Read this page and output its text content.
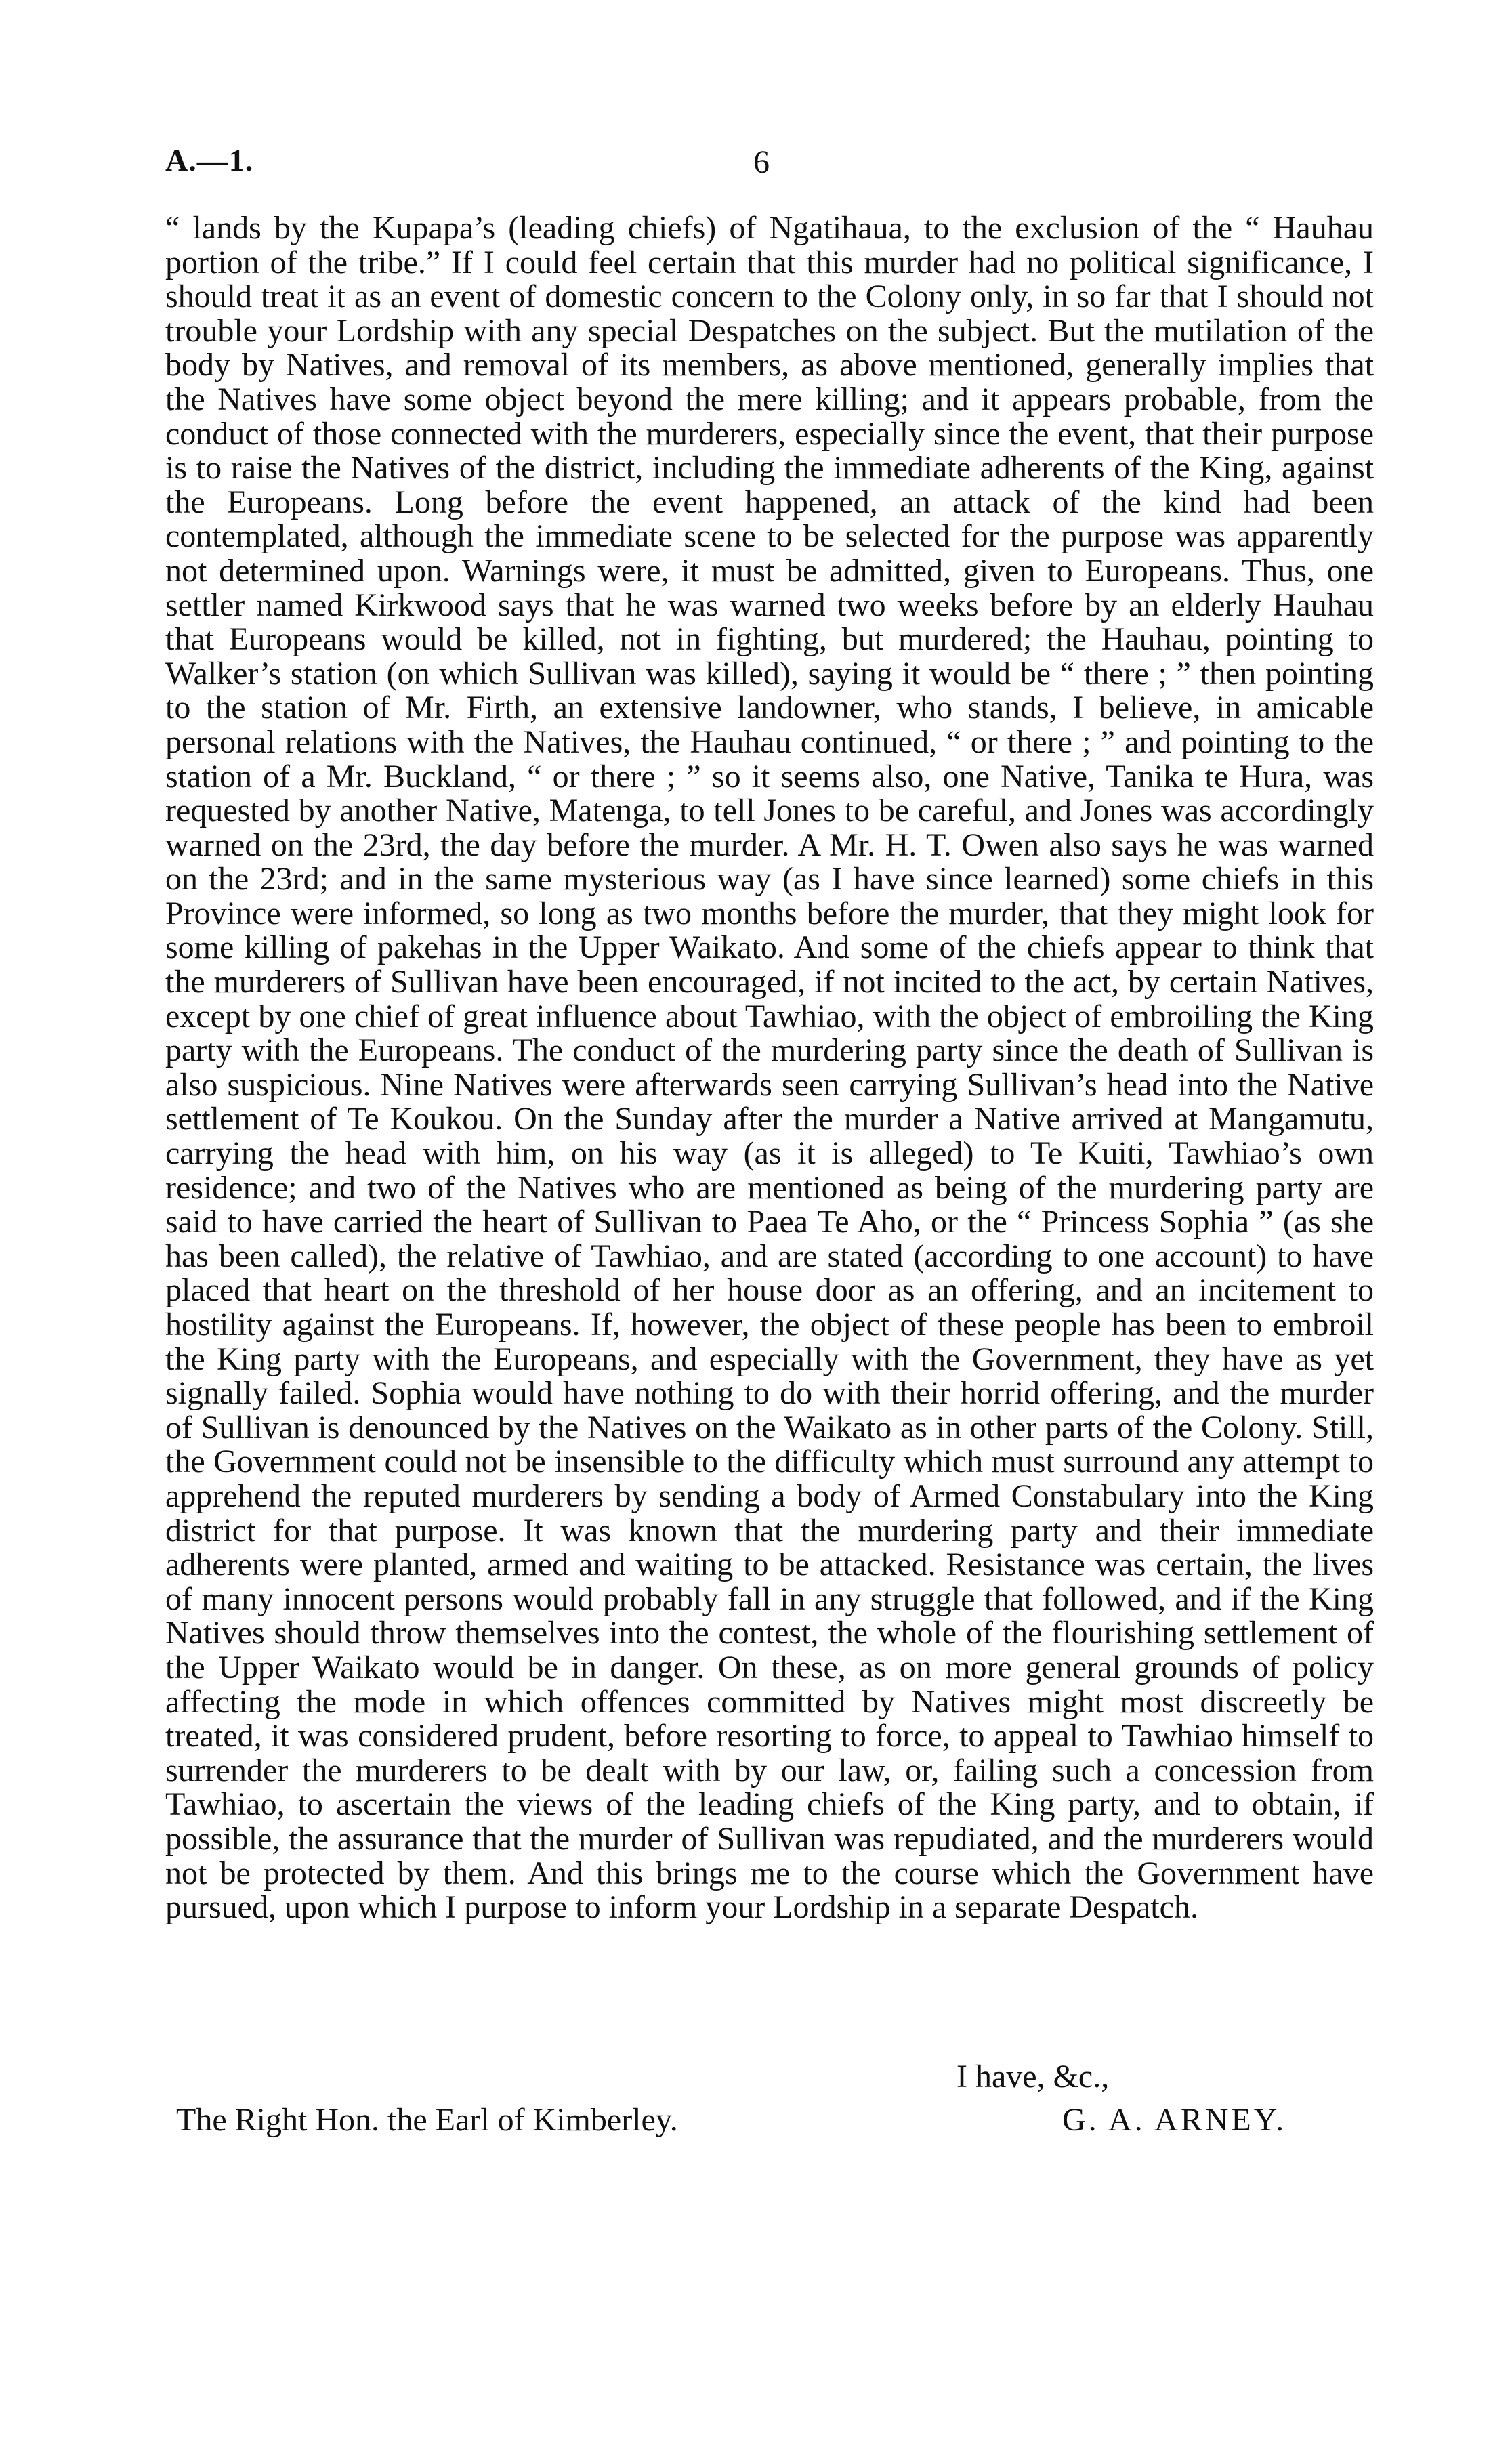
A.—1.	6

“ lands by the Kupapa’s (leading chiefs) of Ngatihaua, to the exclusion of the “ Hauhau portion of the tribe.” If I could feel certain that this murder had no political significance, I should treat it as an event of domestic concern to the Colony only, in so far that I should not trouble your Lordship with any special Despatches on the subject. But the mutilation of the body by Natives, and removal of its members, as above mentioned, generally implies that the Natives have some object beyond the mere killing; and it appears probable, from the conduct of those connected with the murderers, especially since the event, that their purpose is to raise the Natives of the district, including the immediate adherents of the King, against the Europeans. Long before the event happened, an attack of the kind had been contemplated, although the immediate scene to be selected for the purpose was apparently not determined upon. Warnings were, it must be admitted, given to Europeans. Thus, one settler named Kirkwood says that he was warned two weeks before by an elderly Hauhau that Europeans would be killed, not in fighting, but murdered; the Hauhau, pointing to Walker’s station (on which Sullivan was killed), saying it would be “ there ; ” then pointing to the station of Mr. Firth, an extensive landowner, who stands, I believe, in amicable personal relations with the Natives, the Hauhau continued, “ or there ; ” and pointing to the station of a Mr. Buckland, “ or there ; ” so it seems also, one Native, Tanika te Hura, was requested by another Native, Matenga, to tell Jones to be careful, and Jones was accordingly warned on the 23rd, the day before the murder. A Mr. H. T. Owen also says he was warned on the 23rd; and in the same mysterious way (as I have since learned) some chiefs in this Province were informed, so long as two months before the murder, that they might look for some killing of pakehas in the Upper Waikato. And some of the chiefs appear to think that the murderers of Sullivan have been encouraged, if not incited to the act, by certain Natives, except by one chief of great influence about Tawhiao, with the object of embroiling the King party with the Europeans. The conduct of the murdering party since the death of Sullivan is also suspicious. Nine Natives were afterwards seen carrying Sullivan’s head into the Native settlement of Te Koukou. On the Sunday after the murder a Native arrived at Mangamutu, carrying the head with him, on his way (as it is alleged) to Te Kuiti, Tawhiao’s own residence; and two of the Natives who are mentioned as being of the murdering party are said to have carried the heart of Sullivan to Paea Te Aho, or the “ Princess Sophia ” (as she has been called), the relative of Tawhiao, and are stated (according to one account) to have placed that heart on the threshold of her house door as an offering, and an incitement to hostility against the Europeans. If, however, the object of these people has been to embroil the King party with the Europeans, and especially with the Government, they have as yet signally failed. Sophia would have nothing to do with their horrid offering, and the murder of Sullivan is denounced by the Natives on the Waikato as in other parts of the Colony. Still, the Government could not be insensible to the difficulty which must surround any attempt to apprehend the reputed murderers by sending a body of Armed Constabulary into the King district for that purpose. It was known that the murdering party and their immediate adherents were planted, armed and waiting to be attacked. Resistance was certain, the lives of many innocent persons would probably fall in any struggle that followed, and if the King Natives should throw themselves into the contest, the whole of the flourishing settlement of the Upper Waikato would be in danger. On these, as on more general grounds of policy affecting the mode in which offences committed by Natives might most discreetly be treated, it was considered prudent, before resorting to force, to appeal to Tawhiao himself to surrender the murderers to be dealt with by our law, or, failing such a concession from Tawhiao, to ascertain the views of the leading chiefs of the King party, and to obtain, if possible, the assurance that the murder of Sullivan was repudiated, and the murderers would not be protected by them. And this brings me to the course which the Government have pursued, upon which I purpose to inform your Lordship in a separate Despatch.

I have, &c.,
The Right Hon. the Earl of Kimberley.	G. A. ARNEY.
